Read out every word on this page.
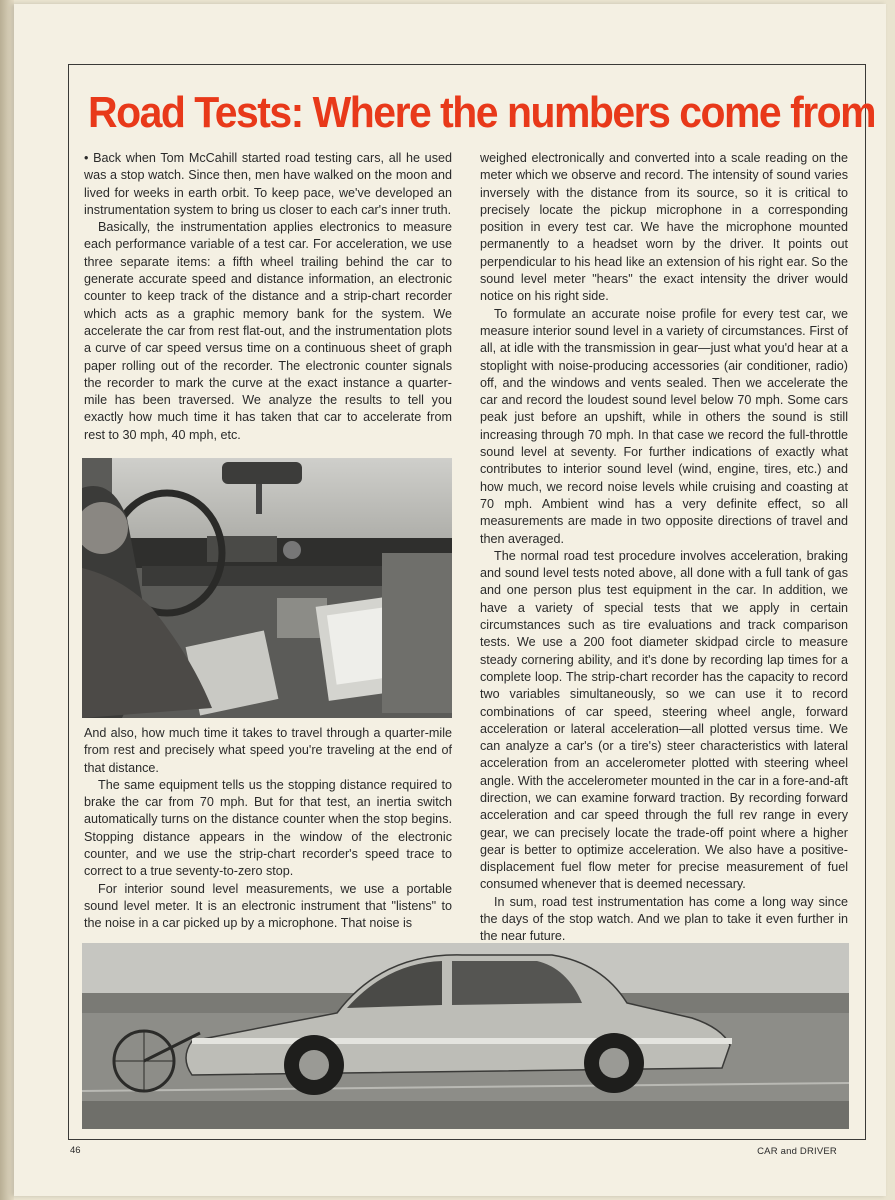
Road Tests: Where the numbers come from

• Back when Tom McCahill started road testing cars, all he used was a stop watch. Since then, men have walked on the moon and lived for weeks in earth orbit. To keep pace, we've developed an instrumentation system to bring us closer to each car's inner truth.

Basically, the instrumentation applies electronics to measure each performance variable of a test car. For acceleration, we use three separate items: a fifth wheel trailing behind the car to generate accurate speed and distance information, an electronic counter to keep track of the distance and a strip-chart recorder which acts as a graphic memory bank for the system. We accelerate the car from rest flat-out, and the instrumentation plots a curve of car speed versus time on a continuous sheet of graph paper rolling out of the recorder. The electronic counter signals the recorder to mark the curve at the exact instance a quarter-mile has been traversed. We analyze the results to tell you exactly how much time it has taken that car to accelerate from rest to 30 mph, 40 mph, etc.

And also, how much time it takes to travel through a quarter-mile from rest and precisely what speed you're traveling at the end of that distance.

The same equipment tells us the stopping distance required to brake the car from 70 mph. But for that test, an inertia switch automatically turns on the distance counter when the stop begins. Stopping distance appears in the window of the electronic counter, and we use the strip-chart recorder's speed trace to correct to a true seventy-to-zero stop.

For interior sound level measurements, we use a portable sound level meter. It is an electronic instrument that "listens" to the noise in a car picked up by a microphone. That noise is

weighed electronically and converted into a scale reading on the meter which we observe and record. The intensity of sound varies inversely with the distance from its source, so it is critical to precisely locate the pickup microphone in a corresponding position in every test car. We have the microphone mounted permanently to a headset worn by the driver. It points out perpendicular to his head like an extension of his right ear. So the sound level meter "hears" the exact intensity the driver would notice on his right side.

To formulate an accurate noise profile for every test car, we measure interior sound level in a variety of circumstances. First of all, at idle with the transmission in gear—just what you'd hear at a stoplight with noise-producing accessories (air conditioner, radio) off, and the windows and vents sealed. Then we accelerate the car and record the loudest sound level below 70 mph. Some cars peak just before an upshift, while in others the sound is still increasing through 70 mph. In that case we record the full-throttle sound level at seventy. For further indications of exactly what contributes to interior sound level (wind, engine, tires, etc.) and how much, we record noise levels while cruising and coasting at 70 mph. Ambient wind has a very definite effect, so all measurements are made in two opposite directions of travel and then averaged.

The normal road test procedure involves acceleration, braking and sound level tests noted above, all done with a full tank of gas and one person plus test equipment in the car. In addition, we have a variety of special tests that we apply in certain circumstances such as tire evaluations and track comparison tests. We use a 200 foot diameter skidpad circle to measure steady cornering ability, and it's done by recording lap times for a complete loop. The strip-chart recorder has the capacity to record two variables simultaneously, so we can use it to record combinations of car speed, steering wheel angle, forward acceleration or lateral acceleration—all plotted versus time. We can analyze a car's (or a tire's) steer characteristics with lateral acceleration from an accelerometer plotted with steering wheel angle. With the accelerometer mounted in the car in a fore-and-aft direction, we can examine forward traction. By recording forward acceleration and car speed through the full rev range in every gear, we can precisely locate the trade-off point where a higher gear is better to optimize acceleration. We also have a positive-displacement fuel flow meter for precise measurement of fuel consumed whenever that is deemed necessary.

In sum, road test instrumentation has come a long way since the days of the stop watch. And we plan to take it even further in the near future.

46	CAR and DRIVER
